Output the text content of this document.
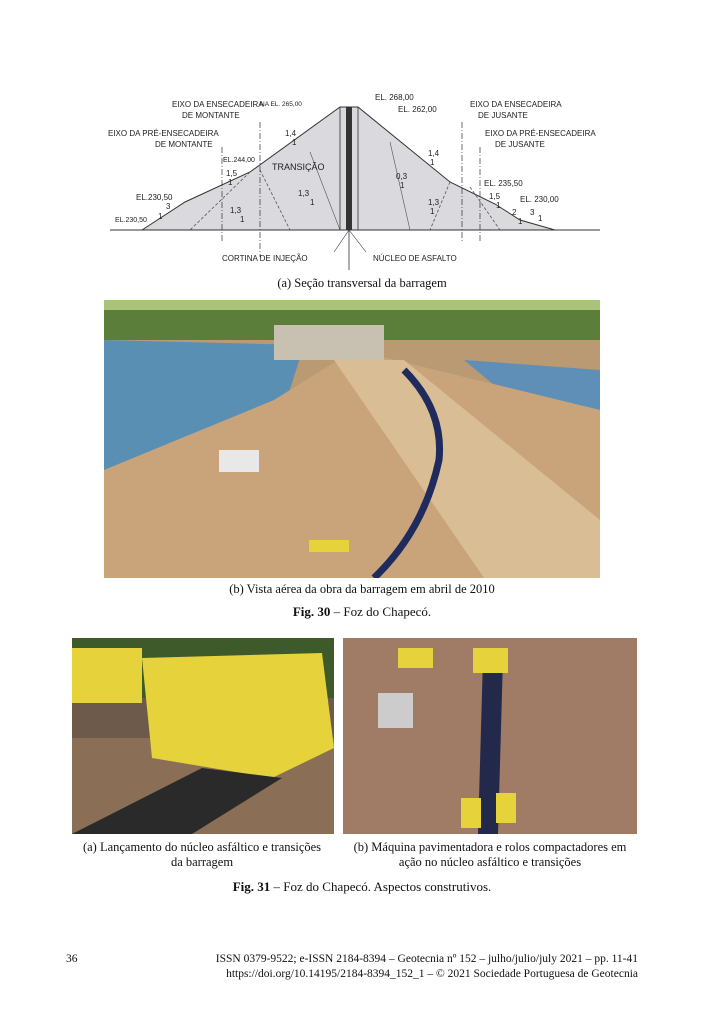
EIXO DA ENSECADEIRA
DE MONTANTE
NA EL. 265,00
EL. 268,00
EL. 262,00
EIXO DA ENSECADEIRA
DE JUSANTE
EIXO DA PRÉ-ENSECADEIRA
DE MONTANTE
EIXO DA PRÉ-ENSECADEIRA
DE JUSANTE
EL.244,00
TRANSIÇÃO
EL.230,50
EL.230,50
EL. 235,50
EL. 230,00
CORTINA DE INJEÇÃO	NÚCLEO DE ASFALTO
1,4
1
1,4
1
1,5
1
1,5
1
1,3
1
1,3
1
1,3
1
0,3
1
3
1	3
1
2
1
(a) Seção transversal da barragem
(b) Vista aérea da obra da barragem em abril de 2010
Fig. 30 – Foz do Chapecó.
(a) Lançamento do núcleo asfáltico e transições
da barragem
(b) Máquina pavimentadora e rolos compactadores em
ação no núcleo asfáltico e transições
Fig. 31 – Foz do Chapecó. Aspectos construtivos.
36	ISSN 0379-9522; e-ISSN 2184-8394 – Geotecnia nº 152 – julho/julio/july 2021 – pp. 11-41
https://doi.org/10.14195/2184-8394_152_1 – © 2021 Sociedade Portuguesa de Geotecnia
